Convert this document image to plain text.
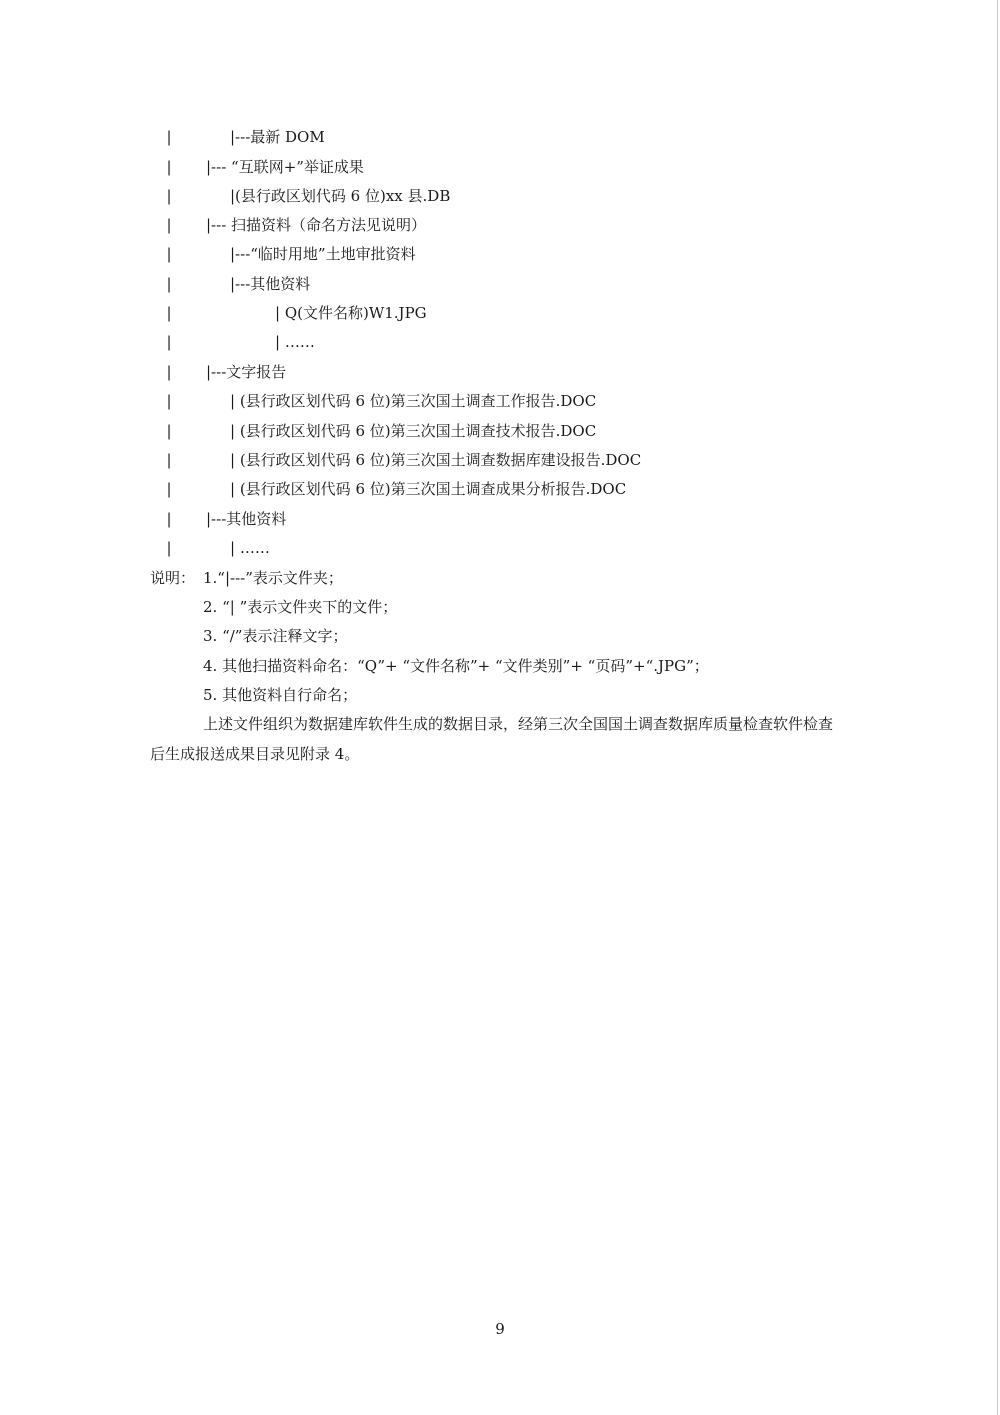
|	|---最新 DOM
| |--- “互联网+”举证成果
|	|(县行政区划代码 6 位)xx 县.DB
| |--- 扫描资料（命名方法见说明）
|	|---“临时用地”土地审批资料
|	|---其他资料
|	| Q(文件名称)W1.JPG
|	| ……
| |---文字报告
|	| (县行政区划代码 6 位)第三次国土调查工作报告.DOC
|	| (县行政区划代码 6 位)第三次国土调查技术报告.DOC
|	| (县行政区划代码 6 位)第三次国土调查数据库建设报告.DOC
|	| (县行政区划代码 6 位)第三次国土调查成果分析报告.DOC
| |---其他资料
|	| ……
说明： 1.“|---”表示文件夹；
2. “| ”表示文件夹下的文件；
3. “/”表示注释文字；
4. 其他扫描资料命名：“Q”+ “文件名称”+ “文件类别”+ “页码”+“.JPG”；
5. 其他资料自行命名；
上述文件组织为数据建库软件生成的数据目录，经第三次全国国土调查数据库质量检查软件检查
后生成报送成果目录见附录 4。
9
